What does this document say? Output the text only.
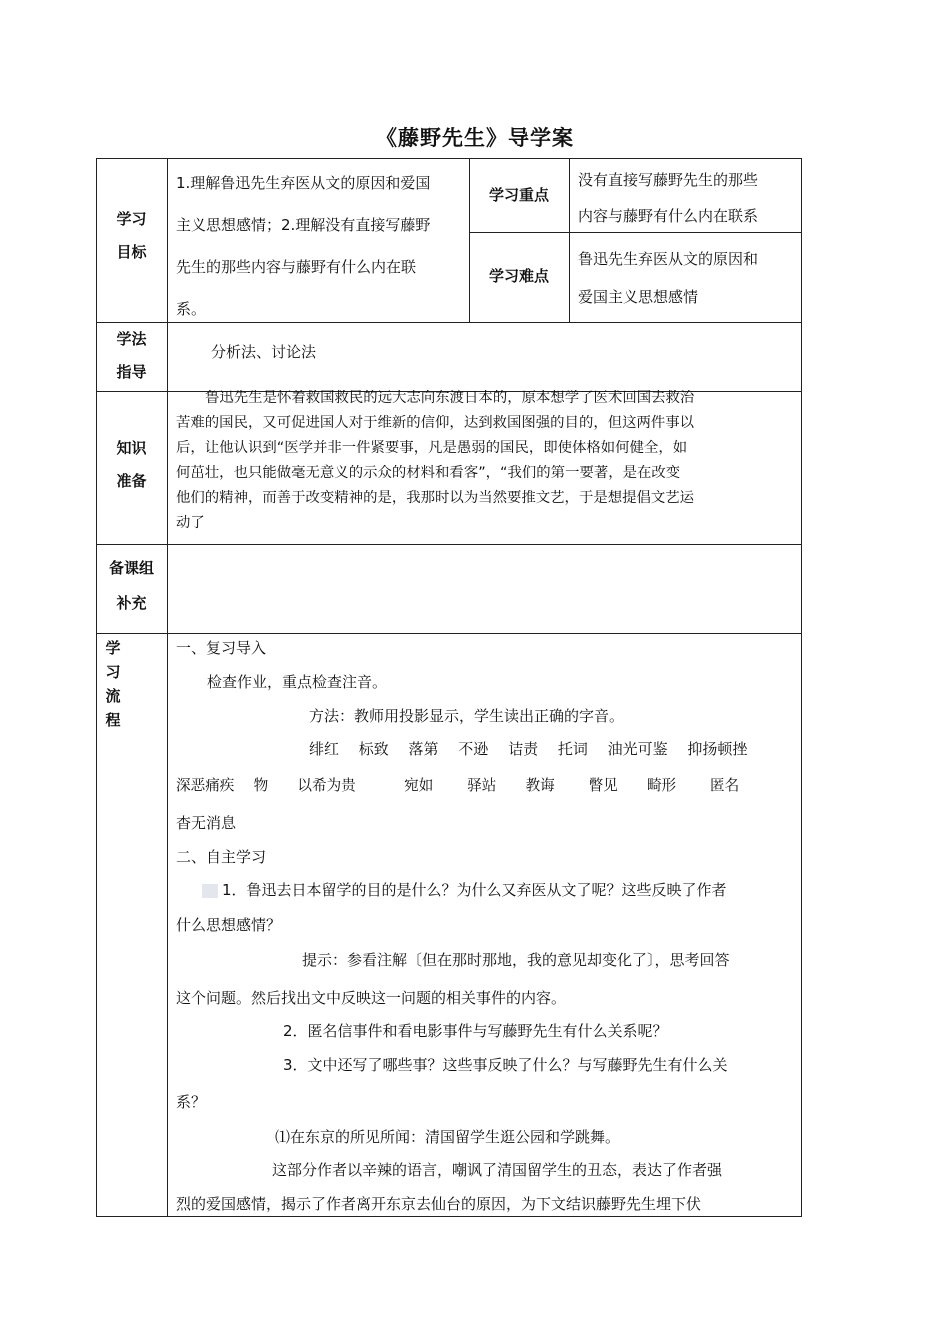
《藤野先生》导学案
学习
目标
1.理解鲁迅先生弃医从文的原因和爱国
主义思想感情；2.理解没有直接写藤野
先生的那些内容与藤野有什么内在联
系。
学习重点
没有直接写藤野先生的那些
内容与藤野有什么内在联系
学习难点
鲁迅先生弃医从文的原因和
爱国主义思想感情
学法
指导
分析法、讨论法
知识
准备
鲁迅先生是怀着救国救民的远大志向东渡日本的，原本想学了医术回国去救治
苦难的国民，又可促进国人对于维新的信仰，达到救国图强的目的，但这两件事以
后，让他认识到“医学并非一件紧要事，凡是愚弱的国民，即使体格如何健全，如
何茁壮，也只能做毫无意义的示众的材料和看客”，“我们的第一要著，是在改变
他们的精神，而善于改变精神的是，我那时以为当然要推文艺，于是想提倡文艺运
动了
备课组
补充
学
习
流
程
一、复习导入
检查作业，重点检查注音。
方法：教师用投影显示，学生读出正确的字音。
绯红　 标致　 落第　 不逊　 诘责　 托词　 油光可鉴　 抑扬顿挫
深恶痛疾　 物　　以希为贵　　　 宛如　　 驿站　　教诲　　 瞥见　　畸形　　 匿名
杳无消息
二、自主学习
1．鲁迅去日本留学的目的是什么？为什么又弃医从文了呢？这些反映了作者
什么思想感情？
提示：参看注解〔但在那时那地，我的意见却变化了〕，思考回答
这个问题。然后找出文中反映这一问题的相关事件的内容。
2．匿名信事件和看电影事件与写藤野先生有什么关系呢？
3．文中还写了哪些事？这些事反映了什么？与写藤野先生有什么关
系？
⑴在东京的所见所闻：清国留学生逛公园和学跳舞。
这部分作者以辛辣的语言，嘲讽了清国留学生的丑态，表达了作者强
烈的爱国感情，揭示了作者离开东京去仙台的原因，为下文结识藤野先生埋下伏
